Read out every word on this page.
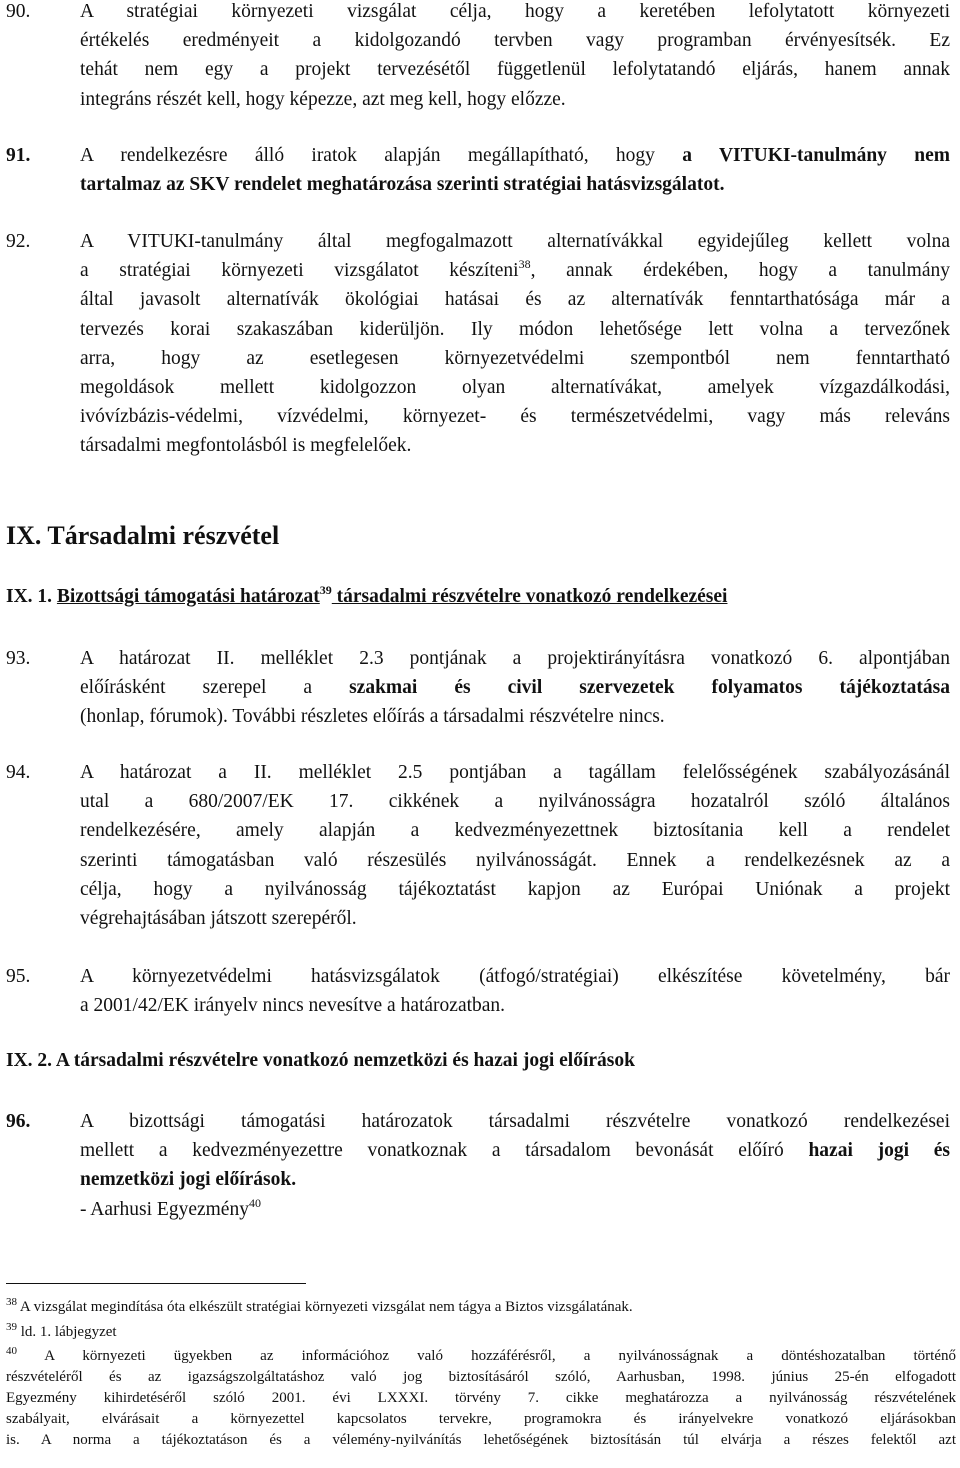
90.	A stratégiai környezeti vizsgálat célja, hogy a keretében lefolytatott környezeti
értékelés eredményeit a kidolgozandó tervben vagy programban érvényesítsék. Ez
tehát nem egy a projekt tervezésétől függetlenül lefolytatandó eljárás, hanem annak
integráns részét kell, hogy képezze, azt meg kell, hogy előzze.
91.	A rendelkezésre álló iratok alapján megállapítható, hogy a VITUKI-tanulmány nem
tartalmaz az SKV rendelet meghatározása szerinti stratégiai hatásvizsgálatot.
92.	A VITUKI-tanulmány által megfogalmazott alternatívákkal egyidejűleg kellett volna
a stratégiai környezeti vizsgálatot készíteni$^{38}$, annak érdekében, hogy a tanulmány
által javasolt alternatívák ökológiai hatásai és az alternatívák fenntarthatósága már a
tervezés korai szakaszában kiderüljön. Ily módon lehetősége lett volna a tervezőnek
arra, hogy az esetlegesen környezetvédelmi szempontból nem fenntartható
megoldások mellett kidolgozzon olyan alternatívákat, amelyek vízgazdálkodási,
ivóvízbázis-védelmi, vízvédelmi, környezet- és természetvédelmi, vagy más releváns
társadalmi megfontolásból is megfelelőek.
IX. Társadalmi részvétel
IX. 1. Bizottsági támogatási határozat$^{39}$ társadalmi részvételre vonatkozó rendelkezései
93.	A határozat II. melléklet 2.3 pontjának a projektirányításra vonatkozó 6. alpontjában
előírásként szerepel a szakmai és civil szervezetek folyamatos tájékoztatása
(honlap, fórumok). További részletes előírás a társadalmi részvételre nincs.
94.	A határozat a II. melléklet 2.5 pontjában a tagállam felelősségének szabályozásánál
utal a 680/2007/EK 17. cikkének a nyilvánosságra hozatalról szóló általános
rendelkezésére, amely alapján a kedvezményezettnek biztosítania kell a rendelet
szerinti támogatásban való részesülés nyilvánosságát. Ennek a rendelkezésnek az a
célja, hogy a nyilvánosság tájékoztatást kapjon az Európai Uniónak a projekt
végrehajtásában játszott szerepéről.
95.	A környezetvédelmi hatásvizsgálatok (átfogó/stratégiai) elkészítése követelmény, bár
a 2001/42/EK irányelv nincs nevesítve a határozatban.
IX. 2. A társadalmi részvételre vonatkozó nemzetközi és hazai jogi előírások
96.	A bizottsági támogatási határozatok társadalmi részvételre vonatkozó rendelkezései
mellett a kedvezményezettre vonatkoznak a társadalom bevonását előíró hazai jogi és
nemzetközi jogi előírások.
- Aarhusi Egyezmény$^{40}$
$^{38}$ A vizsgálat megindítása óta elkészült stratégiai környezeti vizsgálat nem tágya a Biztos vizsgálatának.
$^{39}$ ld. 1. lábjegyzet
$^{40}$ A környezeti ügyekben az információhoz való hozzáférésről, a nyilvánosságnak a döntéshozatalban történő
részvételéről és az igazságszolgáltatáshoz való jog biztosításáról szóló, Aarhusban, 1998. június 25-én elfogadott
Egyezmény kihirdetéséről szóló 2001. évi LXXXI. törvény 7. cikke meghatározza a nyilvánosság részvételének
szabályait, elvárásait a környezettel kapcsolatos tervekre, programokra és irányelvekre vonatkozó eljárásokban
is. A norma a tájékoztatáson és a vélemény-nyilvánítás lehetőségének biztosításán túl elvárja a részes felektől azt
